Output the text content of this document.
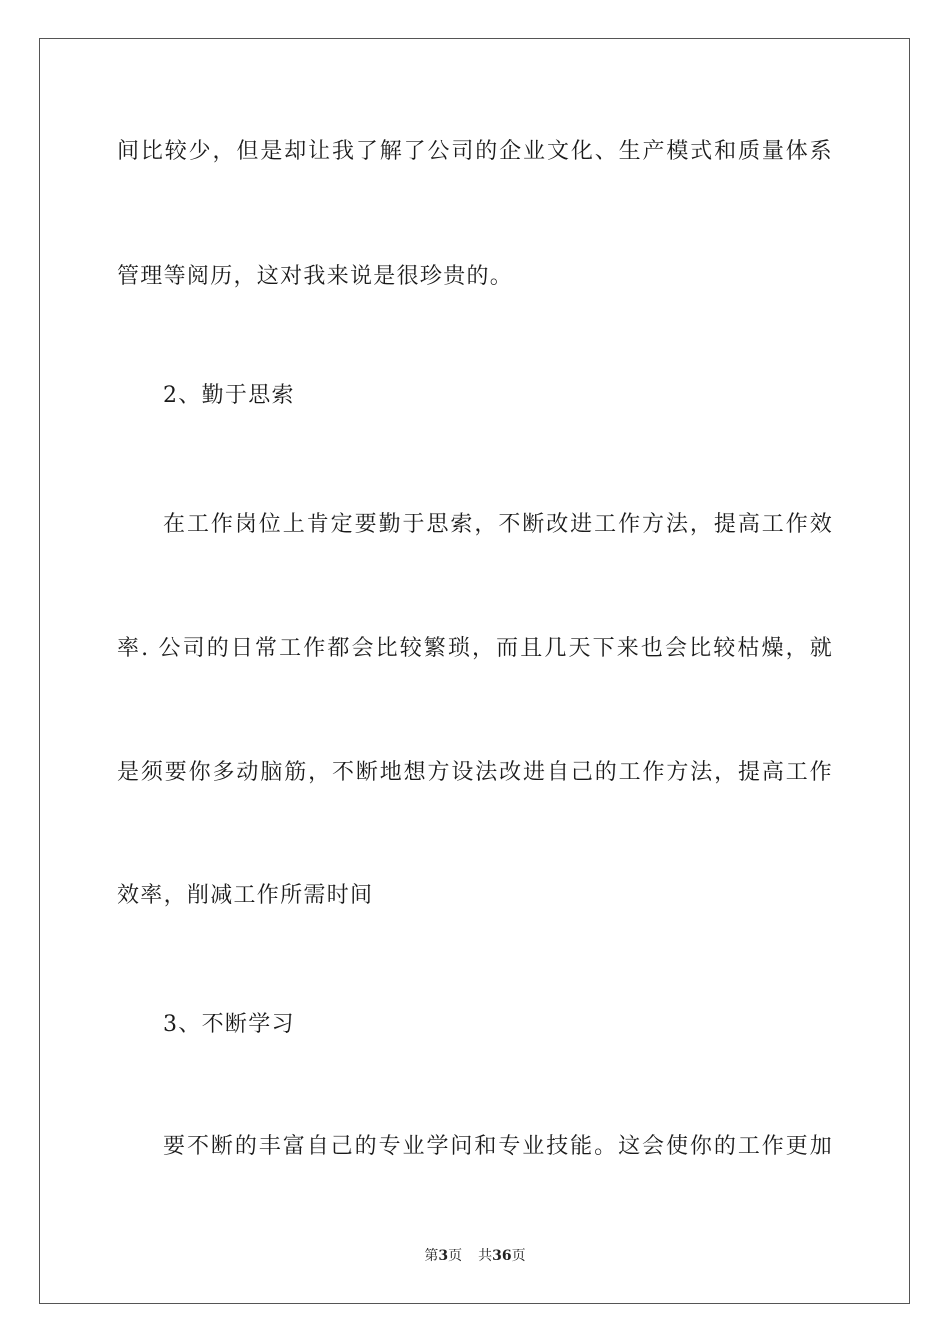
间比较少，但是却让我了解了公司的企业文化、生产模式和质量体系
管理等阅历，这对我来说是很珍贵的。
2、勤于思索
在工作岗位上肯定要勤于思索，不断改进工作方法，提高工作效
率. 公司的日常工作都会比较繁琐，而且几天下来也会比较枯燥，就
是须要你多动脑筋，不断地想方设法改进自己的工作方法，提高工作
效率，削减工作所需时间
3、不断学习
要不断的丰富自己的专业学问和专业技能。这会使你的工作更加
第3页 共36页
